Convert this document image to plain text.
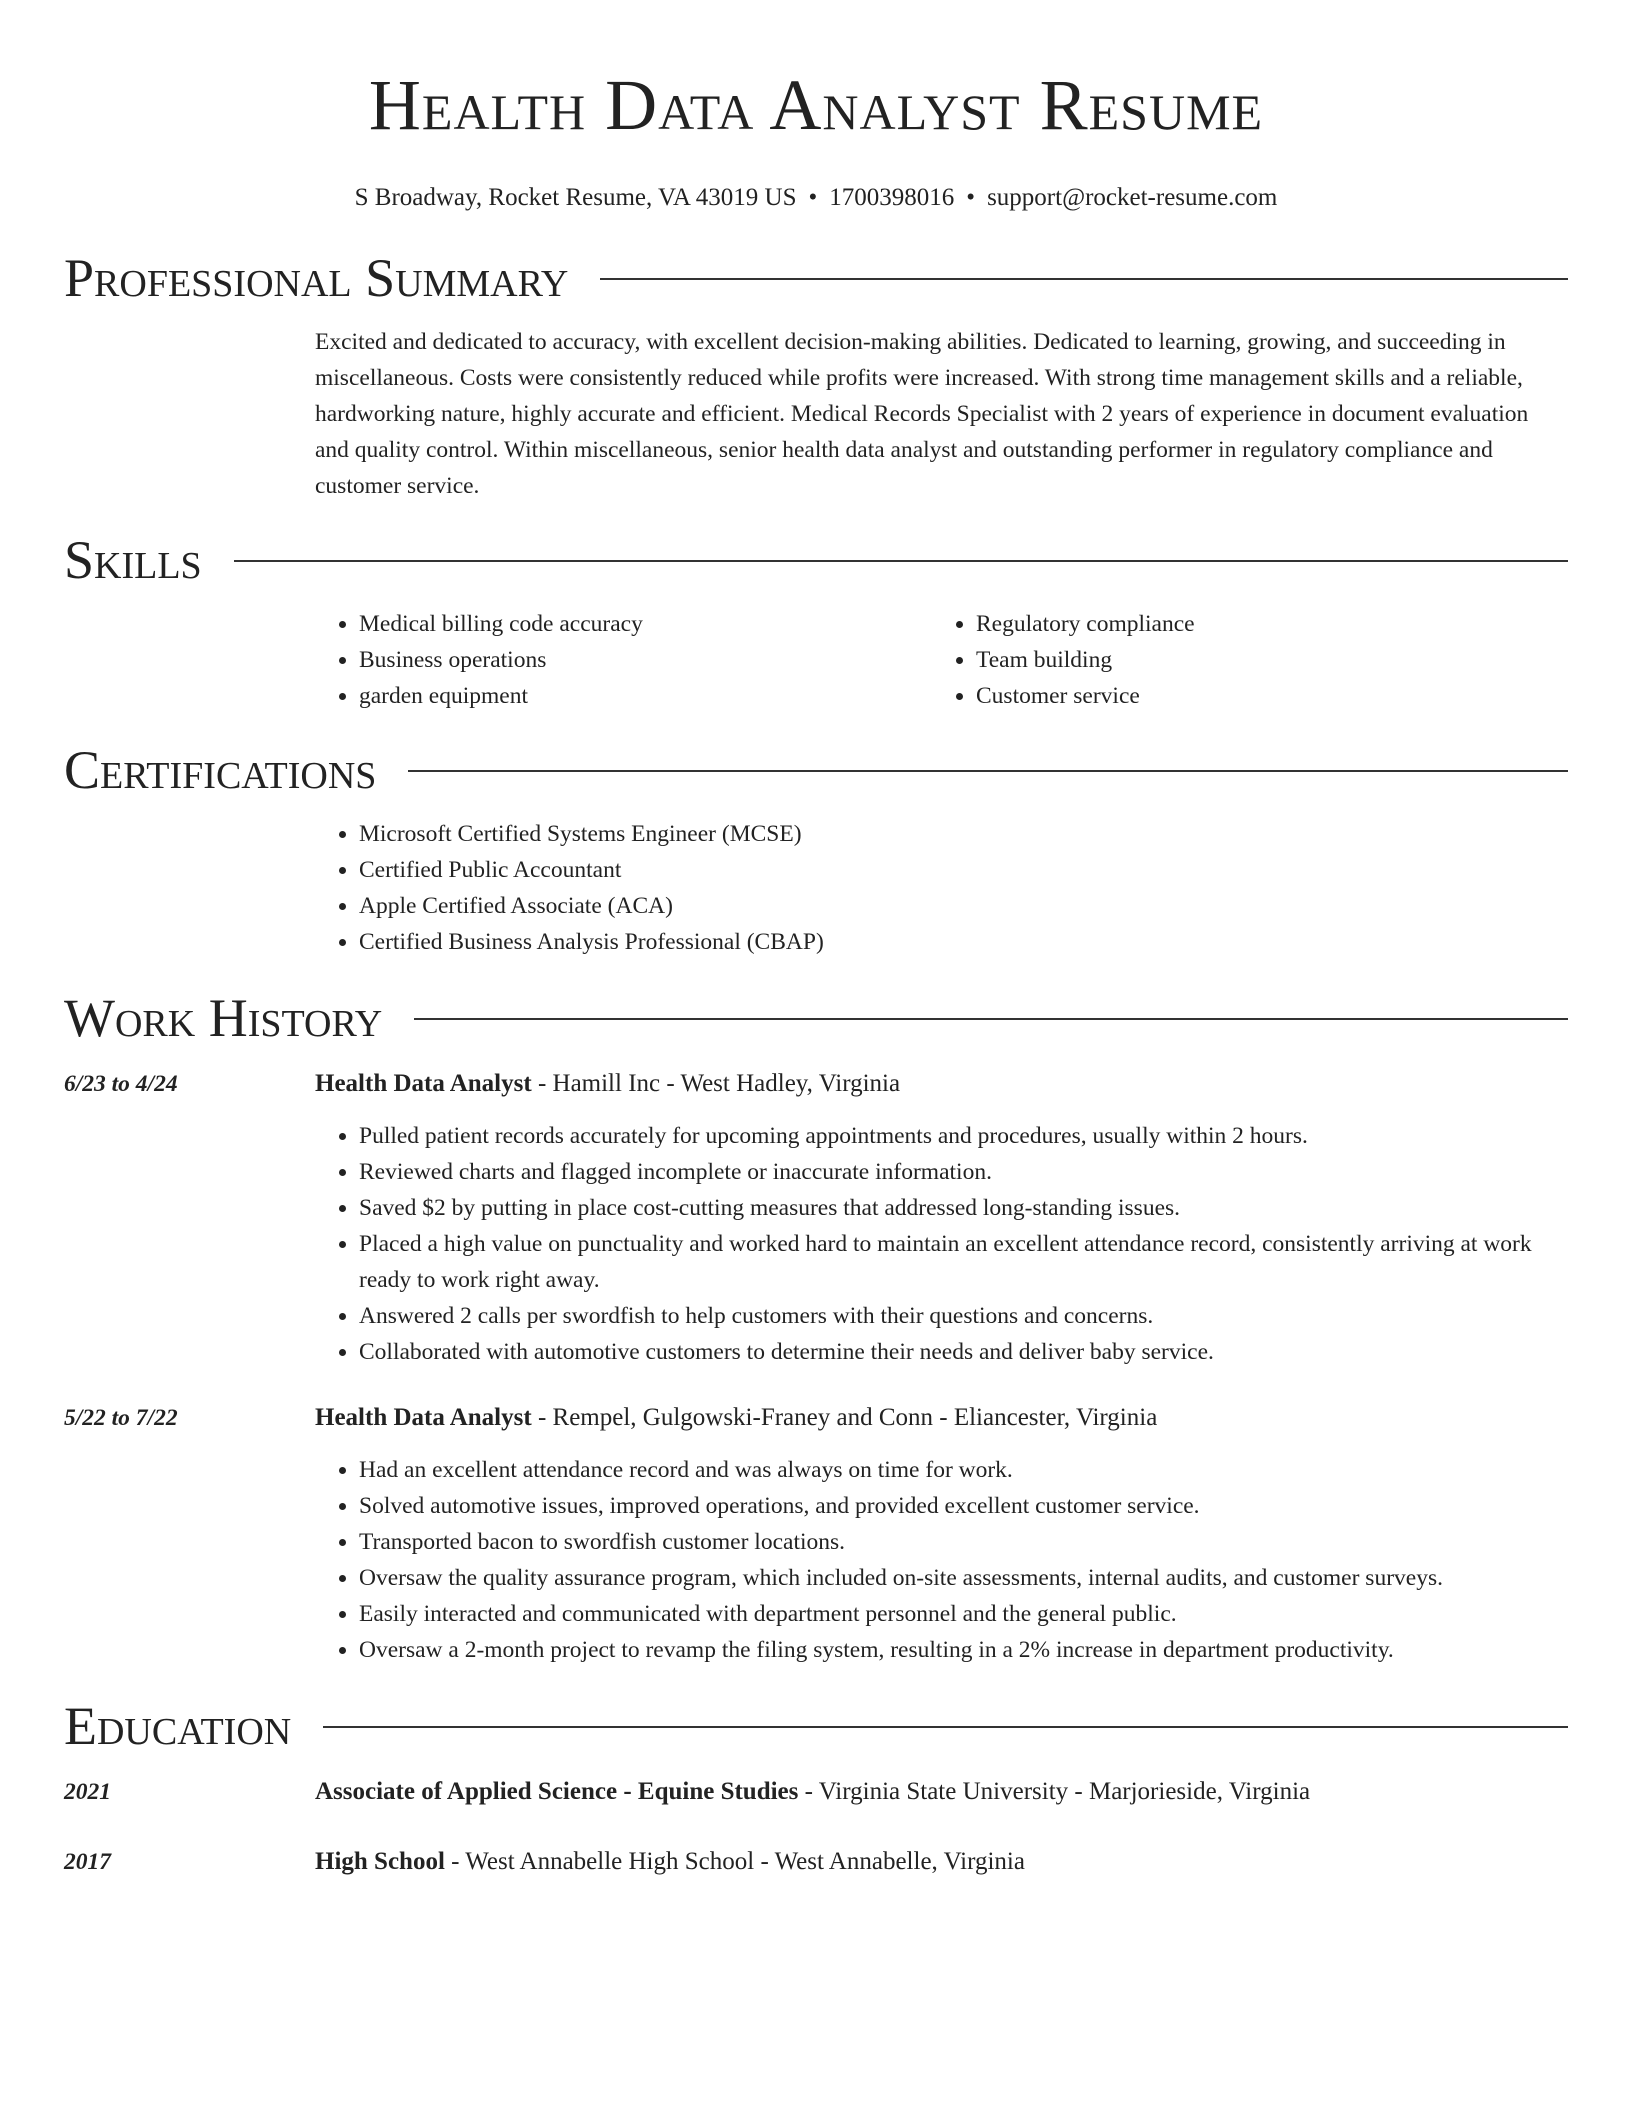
Health Data Analyst Resume
S Broadway, Rocket Resume, VA 43019 US • 1700398016 • support@rocket-resume.com
Professional Summary

Excited and dedicated to accuracy, with excellent decision-making abilities. Dedicated to learning, growing, and succeeding in miscellaneous. Costs were consistently reduced while profits were increased. With strong time management skills and a reliable, hardworking nature, highly accurate and efficient. Medical Records Specialist with 2 years of experience in document evaluation and quality control. Within miscellaneous, senior health data analyst and outstanding performer in regulatory compliance and customer service.

Skills
• Medical billing code accuracy
• Business operations
• garden equipment
• Regulatory compliance
• Team building
• Customer service
Certifications
• Microsoft Certified Systems Engineer (MCSE)
• Certified Public Accountant
• Apple Certified Associate (ACA)
• Certified Business Analysis Professional (CBAP)
Work History
6/23 to 4/24	Health Data Analyst - Hamill Inc - West Hadley, Virginia
• Pulled patient records accurately for upcoming appointments and procedures, usually within 2 hours.
• Reviewed charts and flagged incomplete or inaccurate information.
• Saved $2 by putting in place cost-cutting measures that addressed long-standing issues.
• Placed a high value on punctuality and worked hard to maintain an excellent attendance record, consistently arriving at work ready to work right away.
• Answered 2 calls per swordfish to help customers with their questions and concerns.
• Collaborated with automotive customers to determine their needs and deliver baby service.
5/22 to 7/22	Health Data Analyst - Rempel, Gulgowski-Franey and Conn - Eliancester, Virginia
• Had an excellent attendance record and was always on time for work.
• Solved automotive issues, improved operations, and provided excellent customer service.
• Transported bacon to swordfish customer locations.
• Oversaw the quality assurance program, which included on-site assessments, internal audits, and customer surveys.
• Easily interacted and communicated with department personnel and the general public.
• Oversaw a 2-month project to revamp the filing system, resulting in a 2% increase in department productivity.
Education
2021	Associate of Applied Science - Equine Studies - Virginia State University - Marjorieside, Virginia
2017	High School - West Annabelle High School - West Annabelle, Virginia
